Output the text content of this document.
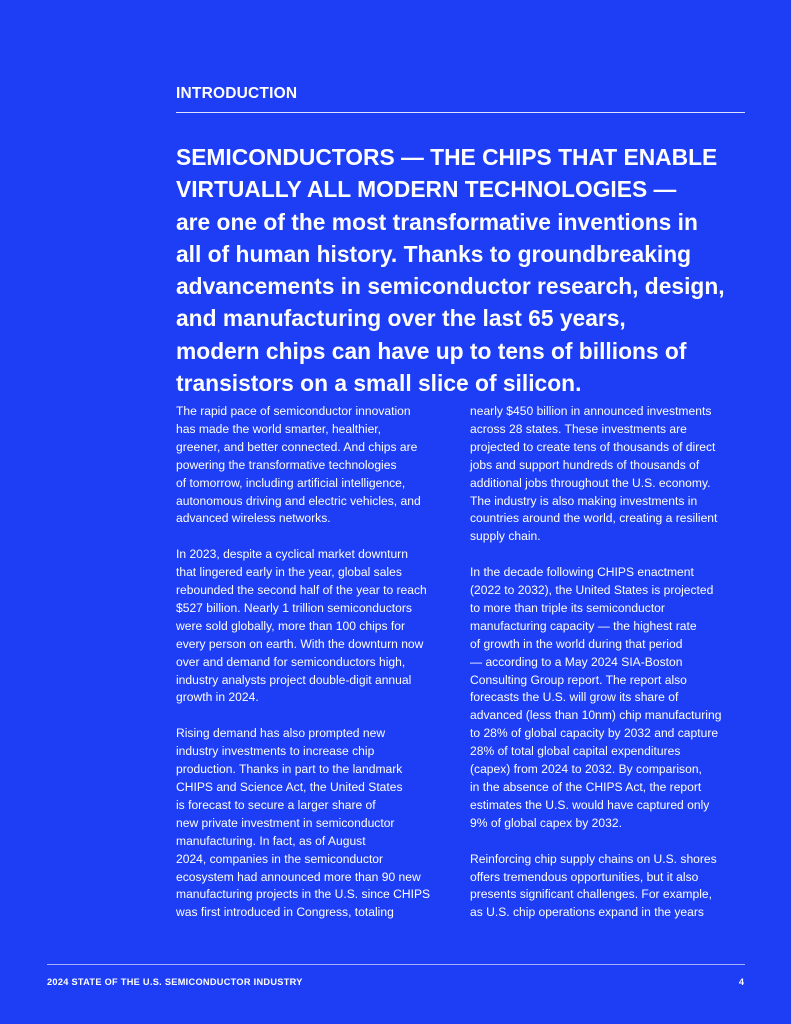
INTRODUCTION
SEMICONDUCTORS — THE CHIPS THAT ENABLE
VIRTUALLY ALL MODERN TECHNOLOGIES —
are one of the most transformative inventions in
all of human history. Thanks to groundbreaking
advancements in semiconductor research, design,
and manufacturing over the last 65 years,
modern chips can have up to tens of billions of
transistors on a small slice of silicon.

The rapid pace of semiconductor innovation
has made the world smarter, healthier,
greener, and better connected. And chips are
powering the transformative technologies
of tomorrow, including artificial intelligence,
autonomous driving and electric vehicles, and
advanced wireless networks.

In 2023, despite a cyclical market downturn
that lingered early in the year, global sales
rebounded the second half of the year to reach
$527 billion. Nearly 1 trillion semiconductors
were sold globally, more than 100 chips for
every person on earth. With the downturn now
over and demand for semiconductors high,
industry analysts project double-digit annual
growth in 2024.

Rising demand has also prompted new
industry investments to increase chip
production. Thanks in part to the landmark
CHIPS and Science Act, the United States
is forecast to secure a larger share of
new private investment in semiconductor
manufacturing. In fact, as of August
2024, companies in the semiconductor
ecosystem had announced more than 90 new
manufacturing projects in the U.S. since CHIPS
was first introduced in Congress, totaling

nearly $450 billion in announced investments
across 28 states. These investments are
projected to create tens of thousands of direct
jobs and support hundreds of thousands of
additional jobs throughout the U.S. economy.
The industry is also making investments in
countries around the world, creating a resilient
supply chain.

In the decade following CHIPS enactment
(2022 to 2032), the United States is projected
to more than triple its semiconductor
manufacturing capacity — the highest rate
of growth in the world during that period
— according to a May 2024 SIA-Boston
Consulting Group report. The report also
forecasts the U.S. will grow its share of
advanced (less than 10nm) chip manufacturing
to 28% of global capacity by 2032 and capture
28% of total global capital expenditures
(capex) from 2024 to 2032. By comparison,
in the absence of the CHIPS Act, the report
estimates the U.S. would have captured only
9% of global capex by 2032.

Reinforcing chip supply chains on U.S. shores
offers tremendous opportunities, but it also
presents significant challenges. For example,
as U.S. chip operations expand in the years

2024 STATE OF THE U.S. SEMICONDUCTOR INDUSTRY	4
